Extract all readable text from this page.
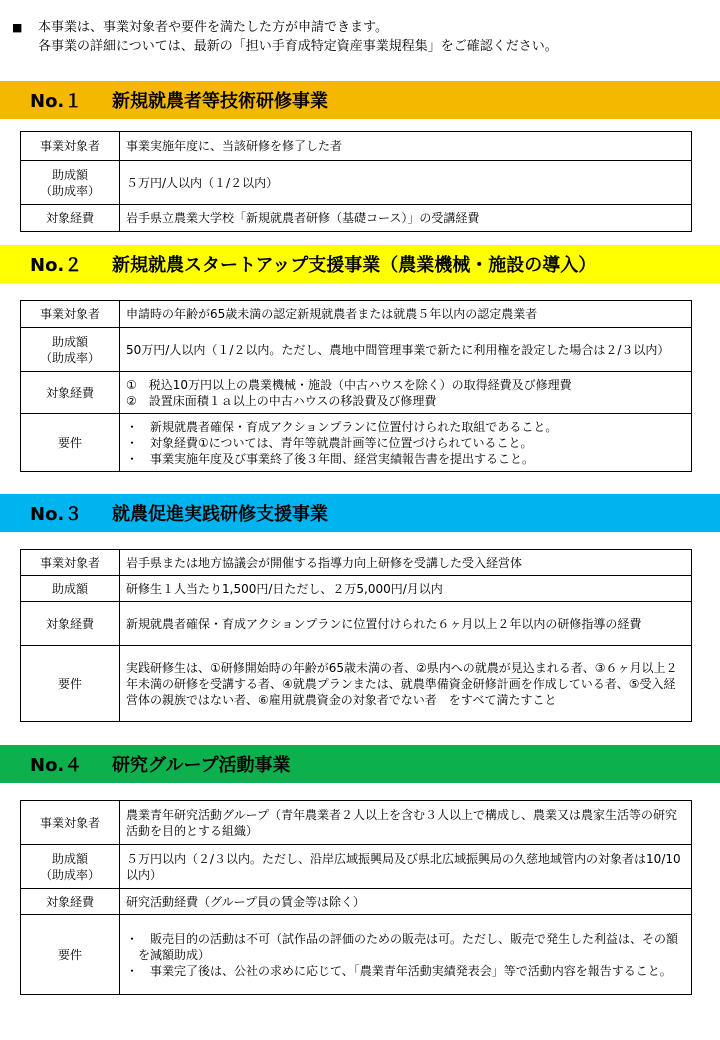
■ 本事業は、事業対象者や要件を満たした方が申請できます。
各事業の詳細については、最新の「担い手育成特定資産事業規程集」をご確認ください。
No.１	新規就農者等技術研修事業
事業対象者	事業実施年度に、当該研修を修了した者

助成額
（助成率）	５万円/人以内（１/２以内）
対象経費	岩手県立農業大学校「新規就農者研修（基礎コース）」の受講経費
No.２	新規就農スタートアップ支援事業（農業機械・施設の導入）
事業対象者	申請時の年齢が65歳未満の認定新規就農者または就農５年以内の認定農業者

助成額
（助成率）	50万円/人以内（１/２以内。ただし、農地中間管理事業で新たに利用権を設定した場合は２/３以内）
対象経費	①　税込10万円以上の農業機械・施設（中古ハウスを除く）の取得経費及び修理費
②　設置床面積１ａ以上の中古ハウスの移設費及び修理費

要件	・　新規就農者確保・育成アクションプランに位置付けられた取組であること。
・　対象経費①については、青年等就農計画等に位置づけられていること。
・　事業実施年度及び事業終了後３年間、経営実績報告書を提出すること。
No.３	就農促進実践研修支援事業
事業対象者	岩手県または地方協議会が開催する指導力向上研修を受講した受入経営体
助成額	研修生１人当たり1,500円/日ただし、２万5,000円/月以内
対象経費	新規就農者確保・育成アクションプランに位置付けられた６ヶ月以上２年以内の研修指導の経費
要件	実践研修生は、①研修開始時の年齢が65歳未満の者、②県内への就農が見込まれる者、③６ヶ月以上２年未満の研修を受講する者、④就農プランまたは、就農準備資金研修計画を作成している者、⑤受入経営体の親族ではない者、⑥雇用就農資金の対象者でない者　をすべて満たすこと
No.４	研究グループ活動事業
事業対象者	農業青年研究活動グループ（青年農業者２人以上を含む３人以上で構成し、農業又は農家生活等の研究活動を目的とする組織）

助成額
（助成率）	５万円以内（２/３以内。ただし、沿岸広域振興局及び県北広域振興局の久慈地域管内の対象者は10/10以内）
対象経費	研究活動経費（グループ員の賃金等は除く）
要件	・　販売目的の活動は不可（試作品の評価のための販売は可。ただし、販売で発生した利益は、その額を減額助成）
・　事業完了後は、公社の求めに応じて、「農業青年活動実績発表会」等で活動内容を報告すること。
